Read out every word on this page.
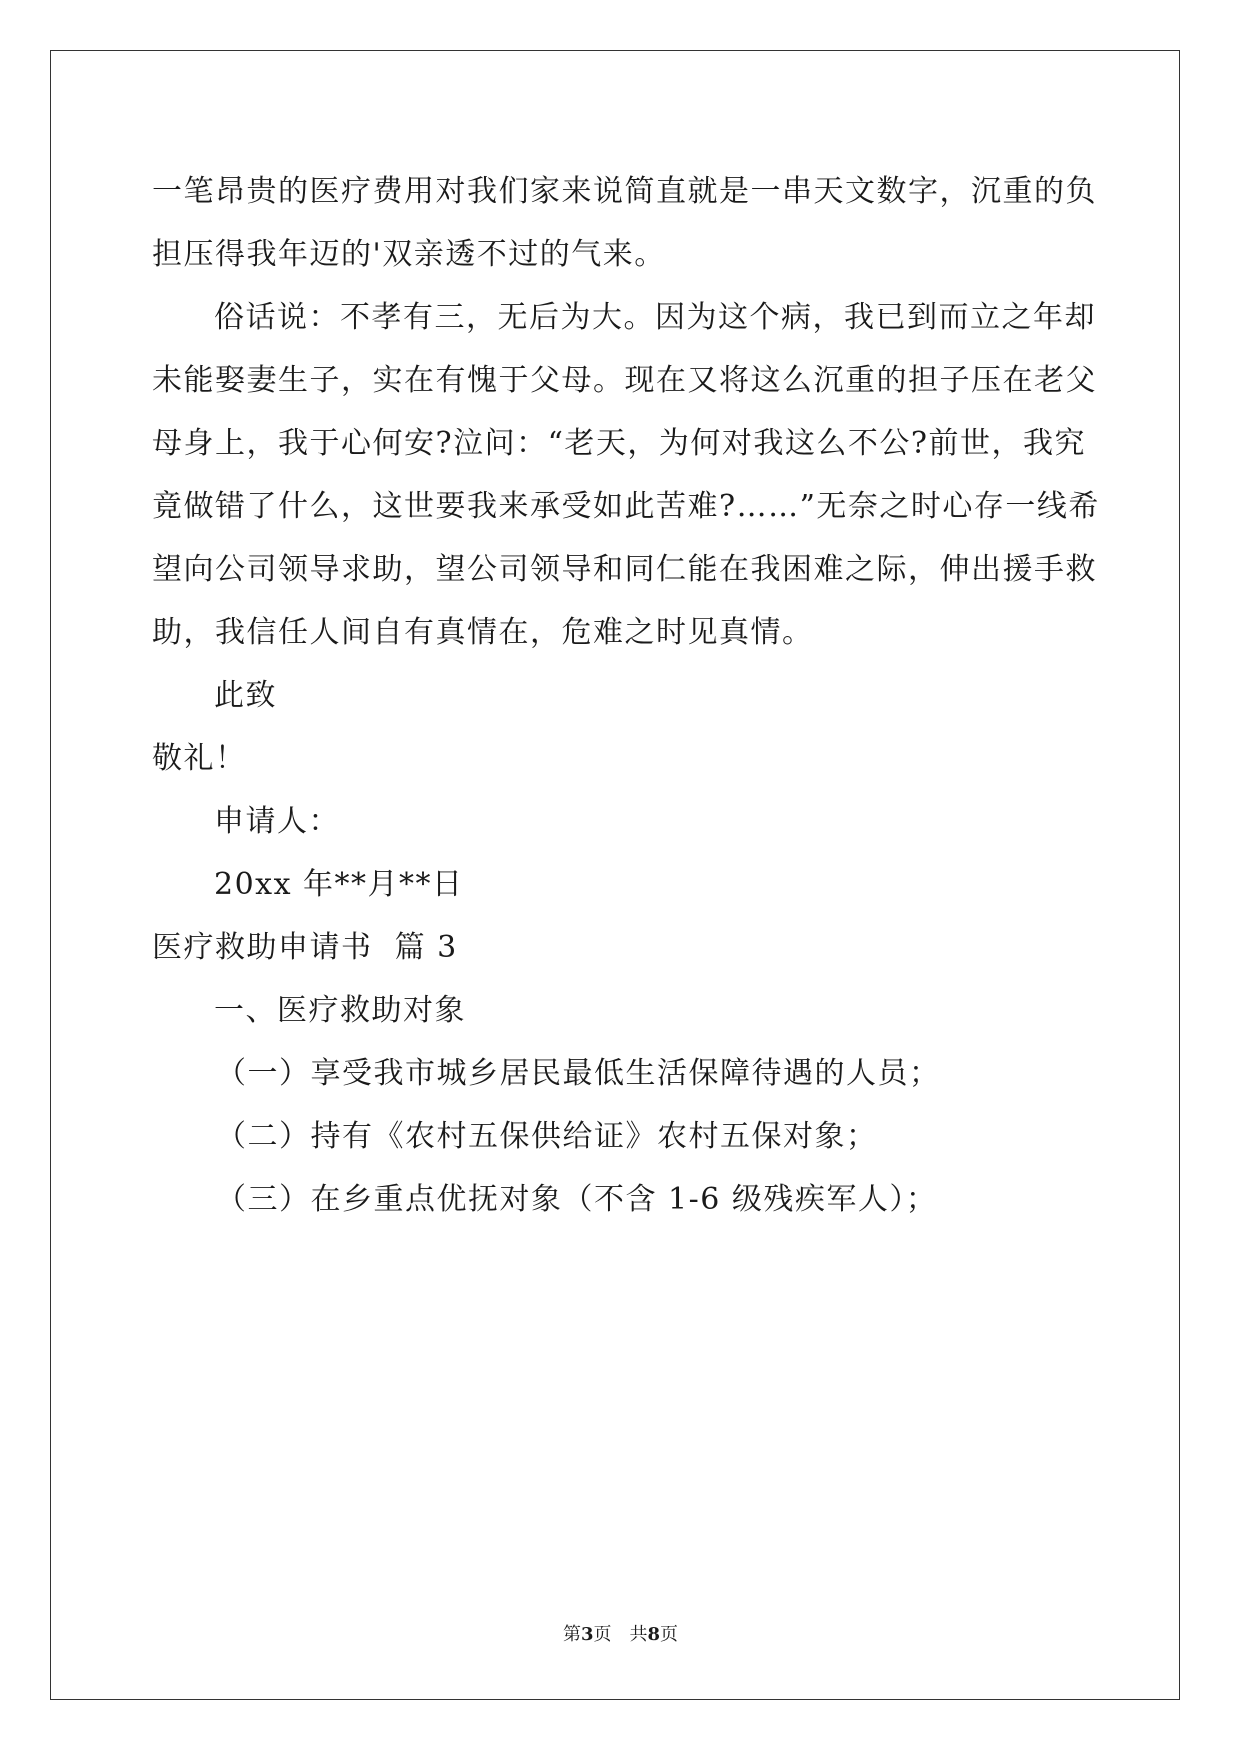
一笔昂贵的医疗费用对我们家来说简直就是一串天文数字，沉重的负
担压得我年迈的'双亲透不过的气来。
俗话说：不孝有三，无后为大。因为这个病，我已到而立之年却
未能娶妻生子，实在有愧于父母。现在又将这么沉重的担子压在老父
母身上，我于心何安?泣问：“老天，为何对我这么不公?前世，我究
竟做错了什么，这世要我来承受如此苦难?……”无奈之时心存一线希
望向公司领导求助，望公司领导和同仁能在我困难之际，伸出援手救
助，我信任人间自有真情在，危难之时见真情。
此致
敬礼！
申请人：
20xx 年**月**日
医疗救助申请书  篇 3
一、医疗救助对象
（一）享受我市城乡居民最低生活保障待遇的人员；
（二）持有《农村五保供给证》农村五保对象；
（三）在乡重点优抚对象（不含 1-6 级残疾军人）；
第3页 共8页
